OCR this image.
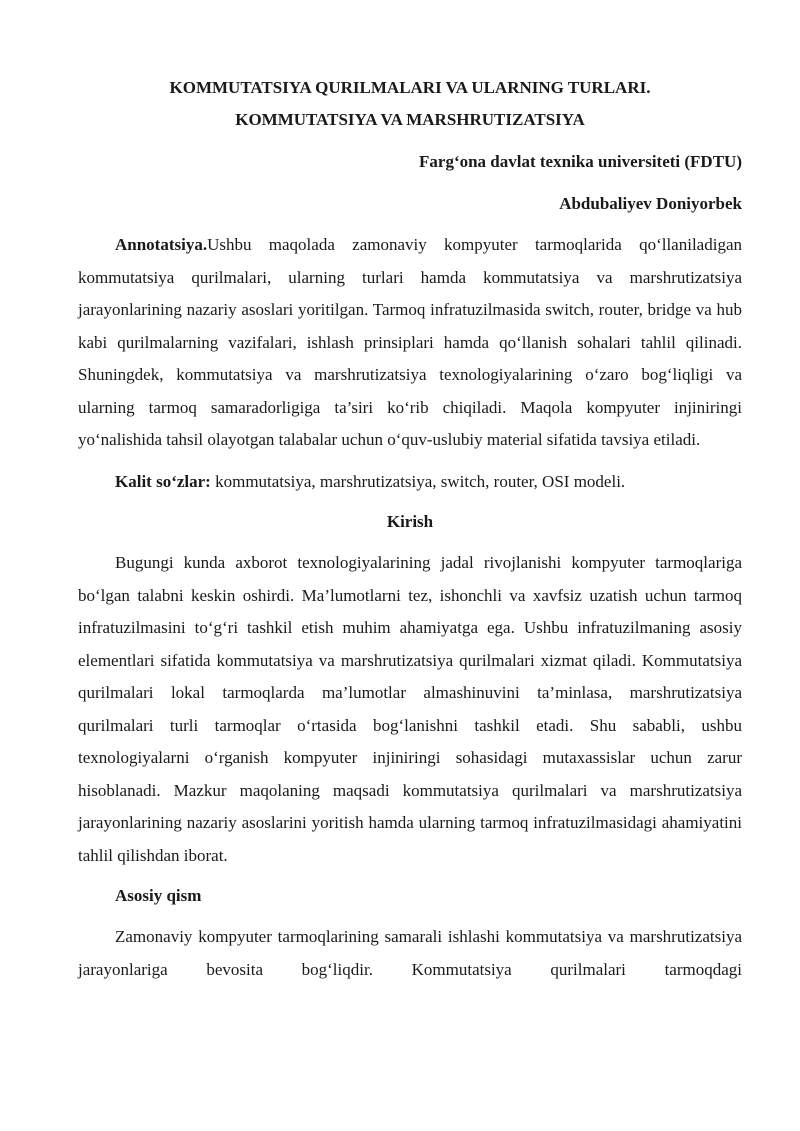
KOMMUTATSIYA QURILMALARI VA ULARNING TURLARI.
KOMMUTATSIYA VA MARSHRUTIZATSIYA

Farg‘ona davlat texnika universiteti (FDTU)

Abdubaliyev Doniyorbek

Annotatsiya.Ushbu maqolada zamonaviy kompyuter tarmoqlarida qo‘llaniladigan kommutatsiya qurilmalari, ularning turlari hamda kommutatsiya va marshrutizatsiya jarayonlarining nazariy asoslari yoritilgan. Tarmoq infratuzilmasida switch, router, bridge va hub kabi qurilmalarning vazifalari, ishlash prinsiplari hamda qo‘llanish sohalari tahlil qilinadi. Shuningdek, kommutatsiya va marshrutizatsiya texnologiyalarining o‘zaro bog‘liqligi va ularning tarmoq samaradorligiga ta’siri ko‘rib chiqiladi. Maqola kompyuter injiniringi yo‘nalishida tahsil olayotgan talabalar uchun o‘quv-uslubiy material sifatida tavsiya etiladi.

Kalit so‘zlar: kommutatsiya, marshrutizatsiya, switch, router, OSI modeli.

Kirish

Bugungi kunda axborot texnologiyalarining jadal rivojlanishi kompyuter tarmoqlariga bo‘lgan talabni keskin oshirdi. Ma’lumotlarni tez, ishonchli va xavfsiz uzatish uchun tarmoq infratuzilmasini to‘g‘ri tashkil etish muhim ahamiyatga ega. Ushbu infratuzilmaning asosiy elementlari sifatida kommutatsiya va marshrutizatsiya qurilmalari xizmat qiladi. Kommutatsiya qurilmalari lokal tarmoqlarda ma’lumotlar almashinuvini ta’minlasa, marshrutizatsiya qurilmalari turli tarmoqlar o‘rtasida bog‘lanishni tashkil etadi. Shu sababli, ushbu texnologiyalarni o‘rganish kompyuter injiniringi sohasidagi mutaxassislar uchun zarur hisoblanadi. Mazkur maqolaning maqsadi kommutatsiya qurilmalari va marshrutizatsiya jarayonlarining nazariy asoslarini yoritish hamda ularning tarmoq infratuzilmasidagi ahamiyatini tahlil qilishdan iborat.

Asosiy qism

Zamonaviy kompyuter tarmoqlarining samarali ishlashi kommutatsiya va marshrutizatsiya jarayonlariga bevosita bog‘liqdir. Kommutatsiya qurilmalari tarmoqdagi
